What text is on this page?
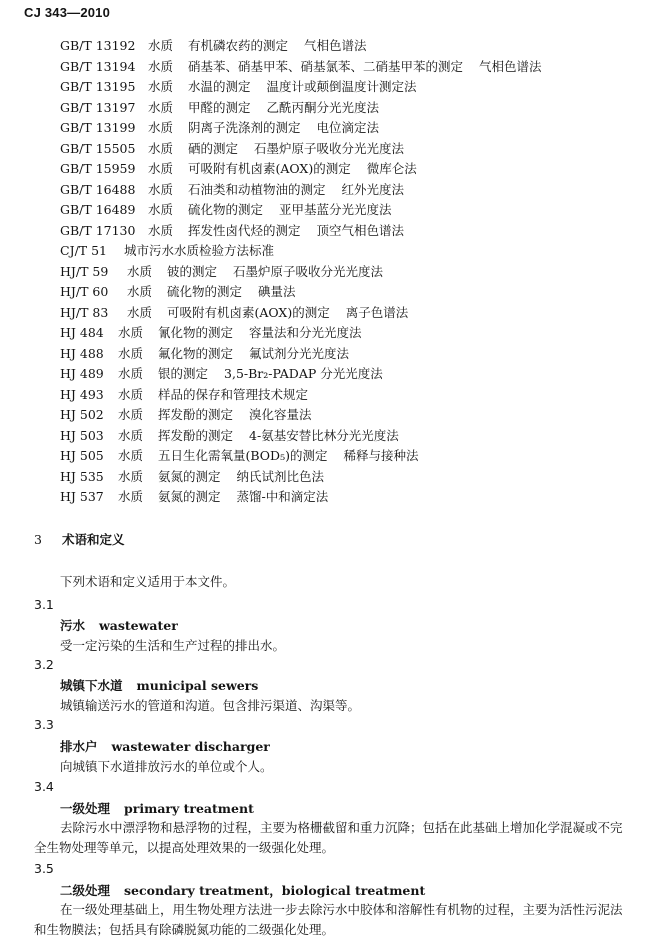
CJ 343—2010
GB/T 13192 水质 有机磷农药的测定 气相色谱法
GB/T 13194 水质 硝基苯、硝基甲苯、硝基氯苯、二硝基甲苯的测定 气相色谱法
GB/T 13195 水质 水温的测定 温度计或颠倒温度计测定法
GB/T 13197 水质 甲醛的测定 乙酰丙酮分光光度法
GB/T 13199 水质 阴离子洗涤剂的测定 电位滴定法
GB/T 15505 水质 硒的测定 石墨炉原子吸收分光光度法
GB/T 15959 水质 可吸附有机卤素(AOX)的测定 微库仑法
GB/T 16488 水质 石油类和动植物油的测定 红外光度法
GB/T 16489 水质 硫化物的测定 亚甲基蓝分光光度法
GB/T 17130 水质 挥发性卤代烃的测定 顶空气相色谱法
CJ/T 51 城市污水水质检验方法标准
HJ/T 59 水质 铍的测定 石墨炉原子吸收分光光度法
HJ/T 60 水质 硫化物的测定 碘量法
HJ/T 83 水质 可吸附有机卤素(AOX)的测定 离子色谱法
HJ 484 水质 氰化物的测定 容量法和分光光度法
HJ 488 水质 氟化物的测定 氟试剂分光光度法
HJ 489 水质 银的测定 3,5-Br₂-PADAP 分光光度法
HJ 493 水质 样品的保存和管理技术规定
HJ 502 水质 挥发酚的测定 溴化容量法
HJ 503 水质 挥发酚的测定 4-氨基安替比林分光光度法
HJ 505 水质 五日生化需氧量(BOD₅)的测定 稀释与接种法
HJ 535 水质 氨氮的测定 纳氏试剂比色法
HJ 537 水质 氨氮的测定 蒸馏-中和滴定法
3 术语和定义
下列术语和定义适用于本文件。
3.1
污水 wastewater
受一定污染的生活和生产过程的排出水。
3.2
城镇下水道 municipal sewers
城镇输送污水的管道和沟道。包含排污渠道、沟渠等。
3.3
排水户 wastewater discharger
向城镇下水道排放污水的单位或个人。
3.4
一级处理 primary treatment
去除污水中漂浮物和悬浮物的过程，主要为格栅截留和重力沉降；包括在此基础上增加化学混凝或不完全生物处理等单元，以提高处理效果的一级强化处理。
3.5
二级处理 secondary treatment，biological treatment
在一级处理基础上，用生物处理方法进一步去除污水中胶体和溶解性有机物的过程，主要为活性污泥法和生物膜法；包括具有除磷脱氮功能的二级强化处理。
